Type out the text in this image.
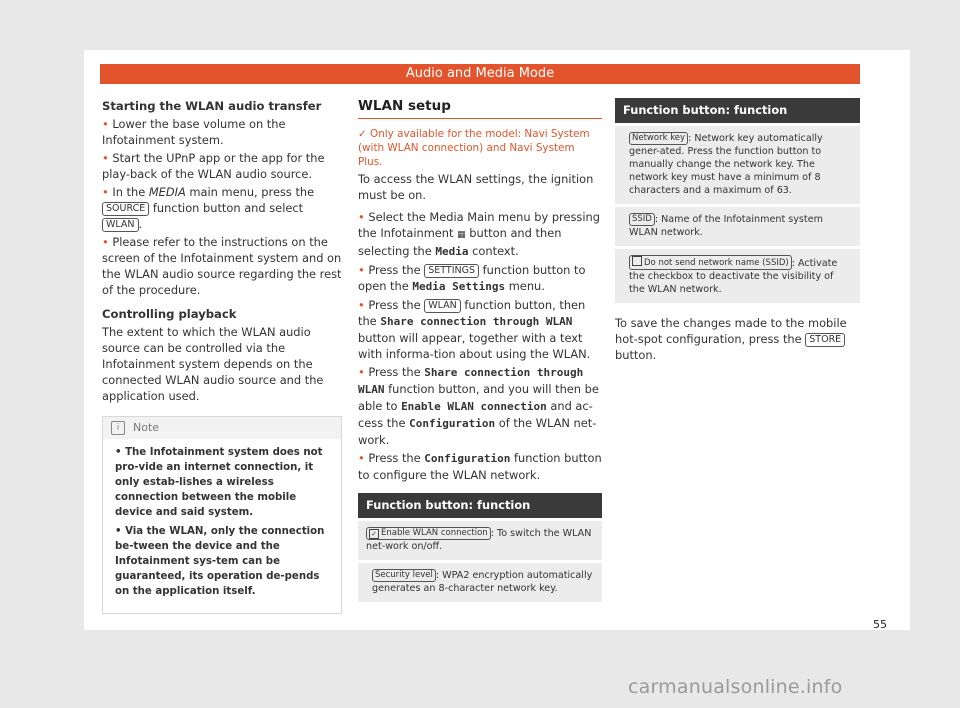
Audio and Media Mode

Starting the WLAN audio transfer

• Lower the base volume on the Infotainment system.

• Start the UPnP app or the app for the play-back of the WLAN audio source.

• In the MEDIA main menu, press the SOURCE function button and select WLAN .

• Please refer to the instructions on the screen of the Infotainment system and on the WLAN audio source regarding the rest of the procedure.

Controlling playback

The extent to which the WLAN audio source can be controlled via the Infotainment system depends on the connected WLAN audio source and the application used.

i	Note

• The Infotainment system does not pro-vide an internet connection, it only estab-lishes a wireless connection between the mobile device and said system.

• Via the WLAN, only the connection be-tween the device and the Infotainment sys-tem can be guaranteed, its operation de-pends on the application itself.

WLAN setup

✓ Only available for the model: Navi System (with WLAN connection) and Navi System Plus.

To access the WLAN settings, the ignition must be on.

• Select the Media Main menu by pressing the Infotainment ▦ button and then selecting the Media context.

• Press the SETTINGS function button to open the Media Settings menu.

• Press the WLAN function button, then the Share connection through WLAN button will appear, together with a text with informa-tion about using the WLAN.

• Press the Share connection through WLAN function button, and you will then be able to Enable WLAN connection and ac-cess the Configuration of the WLAN net-work.

• Press the Configuration function button to configure the WLAN network.

Function button: function
✓ Enable WLAN connection : To switch the WLAN net-work on/off.
Security level : WPA2 encryption automatically generates an 8-character network key.
Function button: function
Network key : Network key automatically gener-ated. Press the function button to manually change the network key. The network key must have a minimum of 8 characters and a maximum of 63.
SSID : Name of the Infotainment system WLAN network.
Do not send network name (SSID) : Activate the checkbox to deactivate the visibility of the WLAN network.

To save the changes made to the mobile hot-spot configuration, press the STORE button.

55
carmanualsonline.info
